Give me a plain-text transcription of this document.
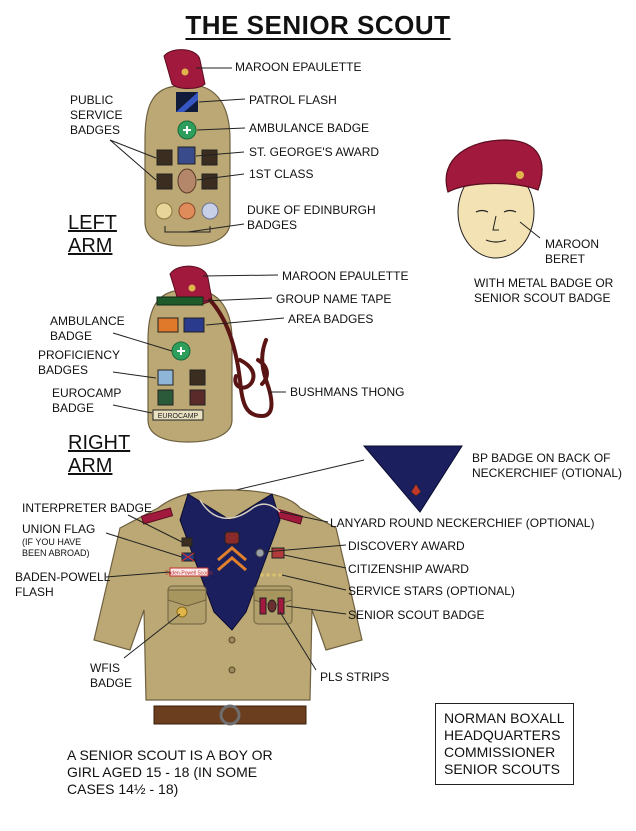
THE SENIOR SCOUT
EUROCAMP
Baden-Powell Scouts
MAROON EPAULETTE
PUBLIC
SERVICE
BADGES
PATROL FLASH
AMBULANCE BADGE
ST. GEORGE'S AWARD
1ST CLASS
DUKE OF EDINBURGH
BADGES
LEFT
ARM	MAROON
BERET
WITH METAL BADGE OR
SENIOR SCOUT BADGE
MAROON EPAULETTE
GROUP NAME TAPE
AREA BADGES
AMBULANCE
BADGE
PROFICIENCY
BADGES
EUROCAMP
BADGE
BUSHMANS THONG
RIGHT
ARM	BP BADGE ON BACK OF
NECKERCHIEF (OTIONAL)
INTERPRETER BADGE
UNION FLAG
(IF YOU HAVE
BEEN ABROAD)
BADEN-POWELL
FLASH
WFIS
BADGE
LANYARD ROUND NECKERCHIEF (OPTIONAL)
DISCOVERY AWARD
CITIZENSHIP AWARD
SERVICE STARS (OPTIONAL)
SENIOR SCOUT BADGE
PLS STRIPS
A SENIOR SCOUT IS A BOY OR
GIRL AGED 15 - 18 (IN SOME
CASES 14½ - 18)
NORMAN BOXALL
HEADQUARTERS
COMMISSIONER
SENIOR SCOUTS
